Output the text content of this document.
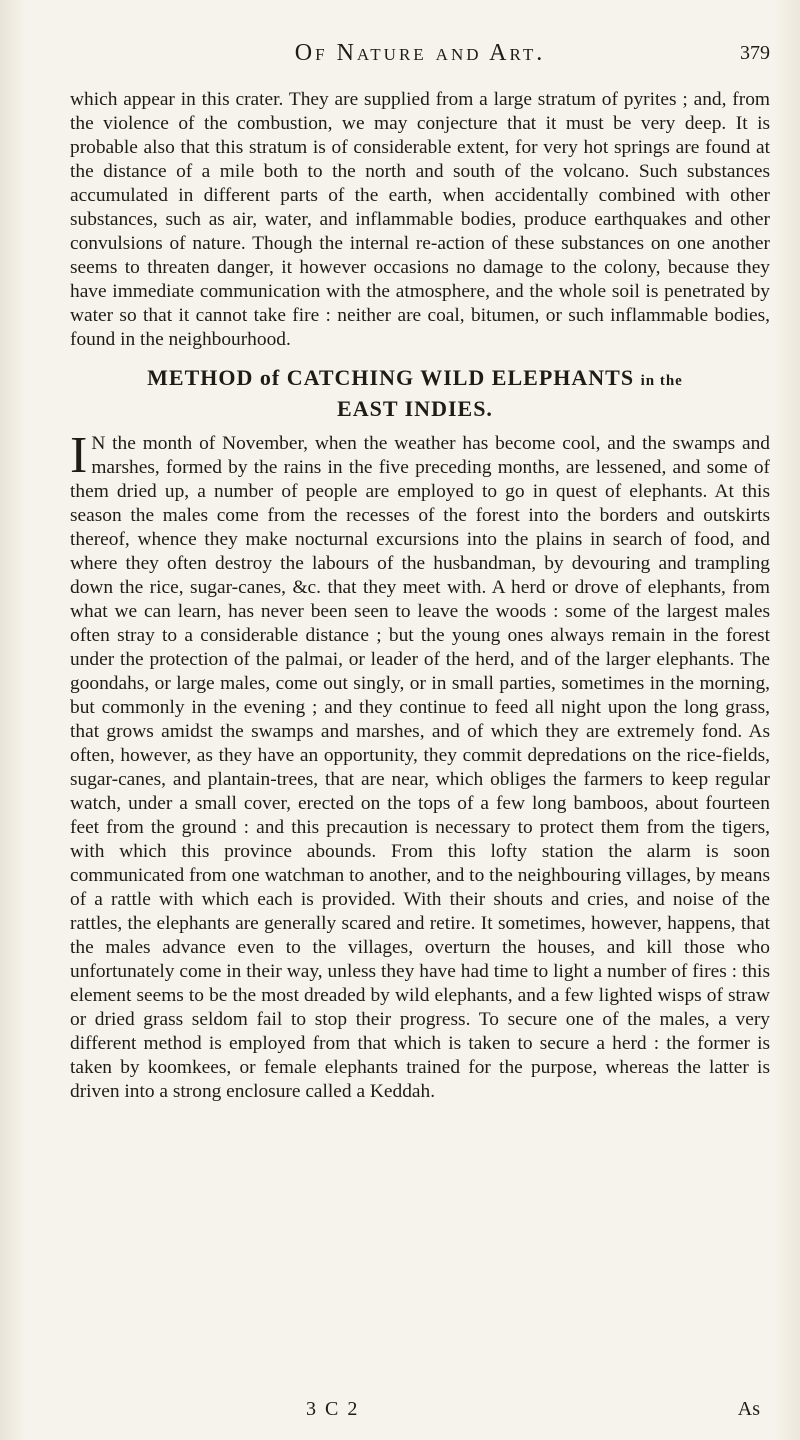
Of Nature and Art.	379

which appear in this crater. They are supplied from a large stratum of pyrites ; and, from the violence of the combustion, we may conjecture that it must be very deep. It is probable also that this stratum is of considerable extent, for very hot springs are found at the distance of a mile both to the north and south of the volcano. Such substances accumulated in different parts of the earth, when accidentally combined with other substances, such as air, water, and inflammable bodies, produce earthquakes and other convulsions of nature. Though the internal re-action of these substances on one another seems to threaten danger, it however occasions no damage to the colony, because they have immediate communication with the atmosphere, and the whole soil is penetrated by water so that it cannot take fire : neither are coal, bitumen, or such inflammable bodies, found in the neighbourhood.

METHOD of CATCHING WILD ELEPHANTS in the
EAST INDIES.

I N the month of November, when the weather has become cool, and the swamps and marshes, formed by the rains in the five preceding months, are lessened, and some of them dried up, a number of people are employed to go in quest of elephants. At this season the males come from the recesses of the forest into the borders and outskirts thereof, whence they make nocturnal excursions into the plains in search of food, and where they often destroy the labours of the husbandman, by devouring and trampling down the rice, sugar-canes, &c. that they meet with. A herd or drove of elephants, from what we can learn, has never been seen to leave the woods : some of the largest males often stray to a considerable distance ; but the young ones always remain in the forest under the protection of the palmai, or leader of the herd, and of the larger elephants. The goondahs, or large males, come out singly, or in small parties, sometimes in the morning, but commonly in the evening ; and they continue to feed all night upon the long grass, that grows amidst the swamps and marshes, and of which they are extremely fond. As often, however, as they have an opportunity, they commit depredations on the rice-fields, sugar-canes, and plantain-trees, that are near, which obliges the farmers to keep regular watch, under a small cover, erected on the tops of a few long bamboos, about fourteen feet from the ground : and this precaution is necessary to protect them from the tigers, with which this province abounds. From this lofty station the alarm is soon communicated from one watchman to another, and to the neighbouring villages, by means of a rattle with which each is provided. With their shouts and cries, and noise of the rattles, the elephants are generally scared and retire. It sometimes, however, happens, that the males advance even to the villages, overturn the houses, and kill those who unfortunately come in their way, unless they have had time to light a number of fires : this element seems to be the most dreaded by wild elephants, and a few lighted wisps of straw or dried grass seldom fail to stop their progress. To secure one of the males, a very different method is employed from that which is taken to secure a herd : the former is taken by koomkees, or female elephants trained for the purpose, whereas the latter is driven into a strong enclosure called a Keddah.

3 C 2	As
